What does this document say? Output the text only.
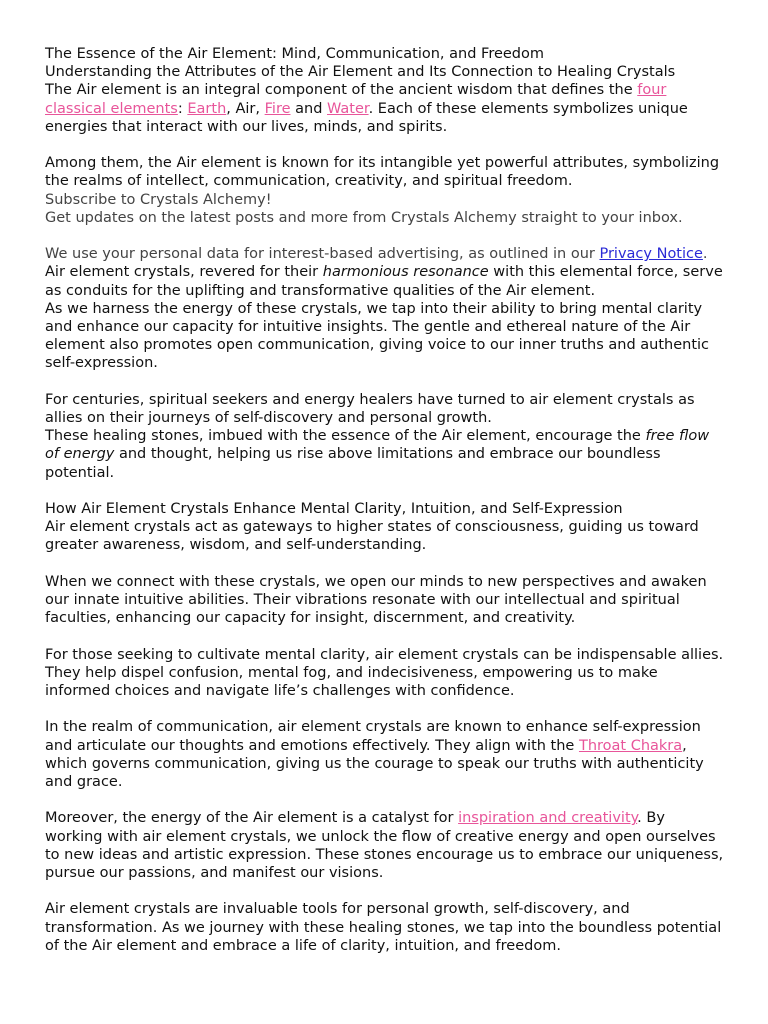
The Essence of the Air Element: Mind, Communication, and Freedom

Understanding the Attributes of the Air Element and Its Connection to Healing Crystals

The Air element is an integral component of the ancient wisdom that defines the four classical elements: Earth, Air, Fire and Water. Each of these elements symbolizes unique energies that interact with our lives, minds, and spirits.

Among them, the Air element is known for its intangible yet powerful attributes, symbolizing the realms of intellect, communication, creativity, and spiritual freedom.

Subscribe to Crystals Alchemy!

Get updates on the latest posts and more from Crystals Alchemy straight to your inbox.

We use your personal data for interest-based advertising, as outlined in our Privacy Notice.

Air element crystals, revered for their harmonious resonance with this elemental force, serve as conduits for the uplifting and transformative qualities of the Air element.

As we harness the energy of these crystals, we tap into their ability to bring mental clarity and enhance our capacity for intuitive insights. The gentle and ethereal nature of the Air element also promotes open communication, giving voice to our inner truths and authentic self-expression.

For centuries, spiritual seekers and energy healers have turned to air element crystals as allies on their journeys of self-discovery and personal growth.

These healing stones, imbued with the essence of the Air element, encourage the free flow of energy and thought, helping us rise above limitations and embrace our boundless potential.

How Air Element Crystals Enhance Mental Clarity, Intuition, and Self-Expression

Air element crystals act as gateways to higher states of consciousness, guiding us toward greater awareness, wisdom, and self-understanding.

When we connect with these crystals, we open our minds to new perspectives and awaken our innate intuitive abilities. Their vibrations resonate with our intellectual and spiritual faculties, enhancing our capacity for insight, discernment, and creativity.

For those seeking to cultivate mental clarity, air element crystals can be indispensable allies. They help dispel confusion, mental fog, and indecisiveness, empowering us to make informed choices and navigate life’s challenges with confidence.

In the realm of communication, air element crystals are known to enhance self-expression and articulate our thoughts and emotions effectively. They align with the Throat Chakra, which governs communication, giving us the courage to speak our truths with authenticity and grace.

Moreover, the energy of the Air element is a catalyst for inspiration and creativity. By working with air element crystals, we unlock the flow of creative energy and open ourselves to new ideas and artistic expression. These stones encourage us to embrace our uniqueness, pursue our passions, and manifest our visions.

Air element crystals are invaluable tools for personal growth, self-discovery, and transformation. As we journey with these healing stones, we tap into the boundless potential of the Air element and embrace a life of clarity, intuition, and freedom.
